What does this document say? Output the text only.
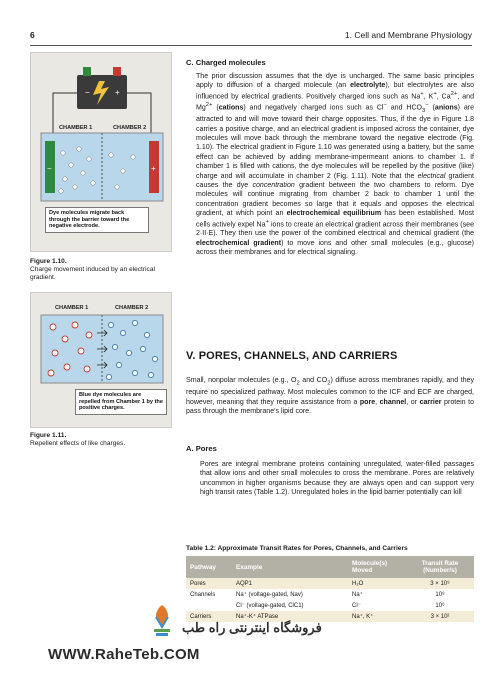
6	1. Cell and Membrane Physiology
−	+
−	+
CHAMBER 1	CHAMBER 2
Dye molecules migrate back through the barrier toward the negative electrode.
Figure 1.10.
Charge movement induced by an electrical gradient.
CHAMBER 1	CHAMBER 2
Blue dye molecules are repelled from Chamber 1 by the positive charges.
Figure 1.11.
Repellent effects of like charges.
C. Charged molecules
The prior discussion assumes that the dye is uncharged. The same basic principles apply to diffusion of a charged molecule (an electrolyte), but electrolytes are also influenced by electrical gradients. Positively charged ions such as Na+, K+, $Ca^{2+}$, and $Mg^{2+}$ (cations) and negatively charged ions such as Cl− and $HCO_3^-$ (anions) are attracted to and will move toward their charge opposites. Thus, if the dye in Figure 1.8 carries a positive charge, and an electrical gradient is imposed across the container, dye molecules will move back through the membrane toward the negative electrode (Fig. 1.10). The electrical gradient in Figure 1.10 was generated using a battery, but the same effect can be achieved by adding membrane-impermeant anions to chamber 1. If chamber 1 is filled with cations, the dye molecules will be repelled by the positive (like) charge and will accumulate in chamber 2 (Fig. 1.11). Note that the electrical gradient causes the dye concentration gradient between the two chambers to reform. Dye molecules will continue migrating from chamber 2 back to chamber 1 until the concentration gradient becomes so large that it equals and opposes the electrical gradient, at which point an electrochemical equilibrium has been established. Most cells actively expel Na+ ions to create an electrical gradient across their membranes (see 2·II·E). They then use the power of the combined electrical and chemical gradient (the electrochemical gradient) to move ions and other small molecules (e.g., glucose) across their membranes and for electrical signaling.
V. PORES, CHANNELS, AND CARRIERS
Small, nonpolar molecules (e.g., $O_2$ and $CO_2$) diffuse across membranes rapidly, and they require no specialized pathway. Most molecules common to the ICF and ECF are charged, however, meaning that they require assistance from a pore, channel, or carrier protein to pass through the membrane's lipid core.
A. Pores
Pores are integral membrane proteins containing unregulated, water-filled passages that allow ions and other small molecules to cross the membrane. Pores are relatively uncommon in higher organisms because they are always open and can support very high transit rates (Table 1.2). Unregulated holes in the lipid barrier potentially can kill
Table 1.2: Approximate Transit Rates for Pores, Channels, and Carriers
Pathway	Example	Molecule(s) Moved	Transit Rate (Number/s)
Pores	AQP1	H₂O	3 × 10⁹
Channels	Na⁺ (voltage-gated, Nav)	Na⁺	10⁸
	Cl⁻ (voltage-gated, ClC1)	Cl⁻	10⁶
Carriers	Na⁺-K⁺ ATPase	Na⁺, K⁺	3 × 10²
فروشگاه اینترنتی راه طب
WWW.RaheTeb.COM
